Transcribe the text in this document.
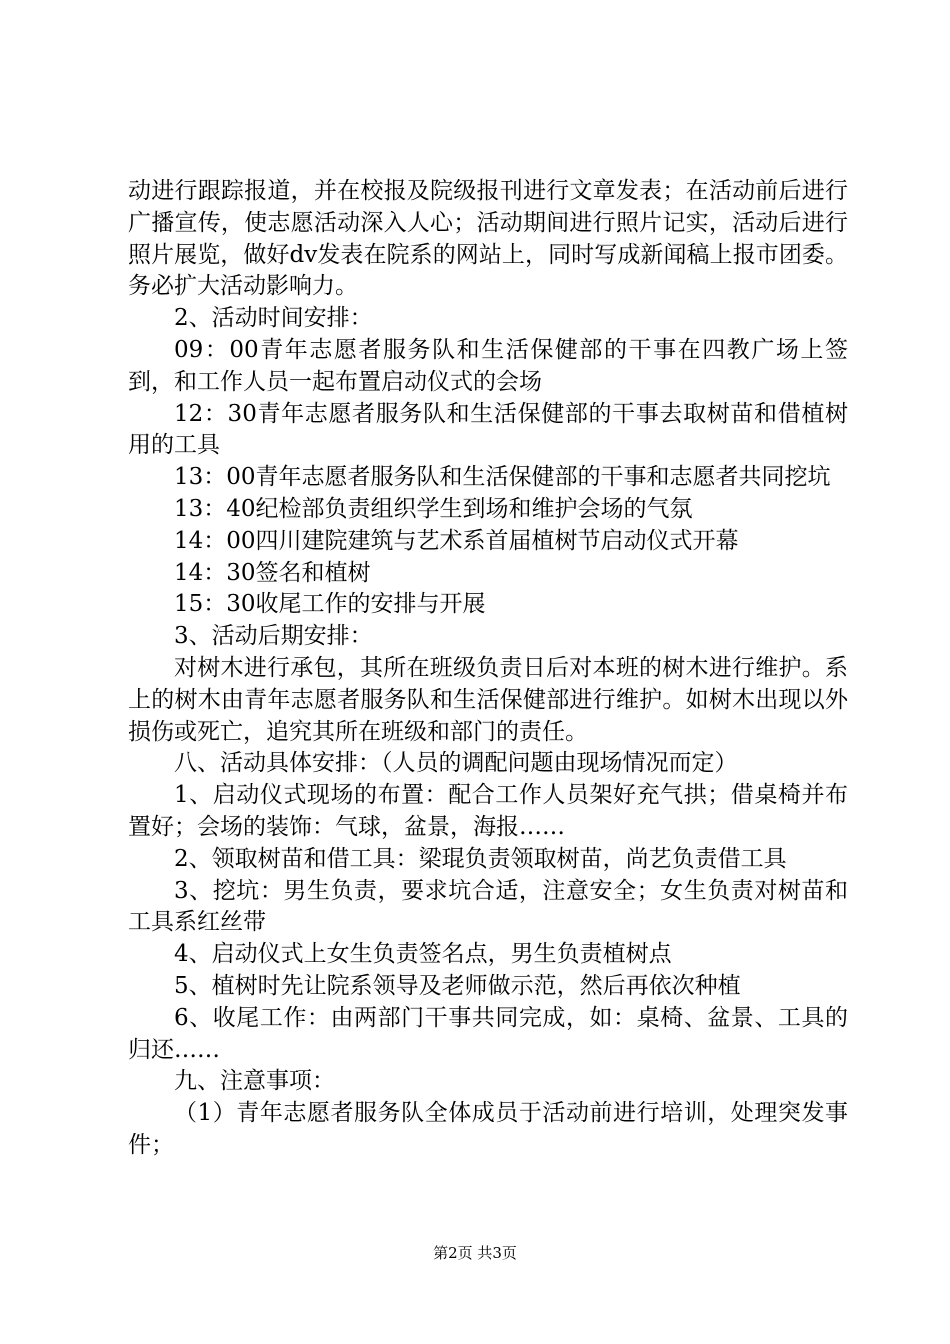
动进行跟踪报道，并在校报及院级报刊进行文章发表；在活动前后进行广播宣传，使志愿活动深入人心；活动期间进行照片记实，活动后进行照片展览，做好dv发表在院系的网站上，同时写成新闻稿上报市团委。务必扩大活动影响力。

2、活动时间安排：

09：00青年志愿者服务队和生活保健部的干事在四教广场上签到，和工作人员一起布置启动仪式的会场

12：30青年志愿者服务队和生活保健部的干事去取树苗和借植树用的工具

13：00青年志愿者服务队和生活保健部的干事和志愿者共同挖坑

13：40纪检部负责组织学生到场和维护会场的气氛

14：00四川建院建筑与艺术系首届植树节启动仪式开幕

14：30签名和植树

15：30收尾工作的安排与开展

3、活动后期安排：

对树木进行承包，其所在班级负责日后对本班的树木进行维护。系上的树木由青年志愿者服务队和生活保健部进行维护。如树木出现以外损伤或死亡，追究其所在班级和部门的责任。

八、活动具体安排：（人员的调配问题由现场情况而定）

1、启动仪式现场的布置：配合工作人员架好充气拱；借桌椅并布置好；会场的装饰：气球，盆景，海报……

2、领取树苗和借工具：梁琨负责领取树苗，尚艺负责借工具

3、挖坑：男生负责，要求坑合适，注意安全；女生负责对树苗和工具系红丝带

4、启动仪式上女生负责签名点，男生负责植树点

5、植树时先让院系领导及老师做示范，然后再依次种植

6、收尾工作：由两部门干事共同完成，如：桌椅、盆景、工具的归还……

九、注意事项：

（1）青年志愿者服务队全体成员于活动前进行培训，处理突发事件；

第2页 共3页
